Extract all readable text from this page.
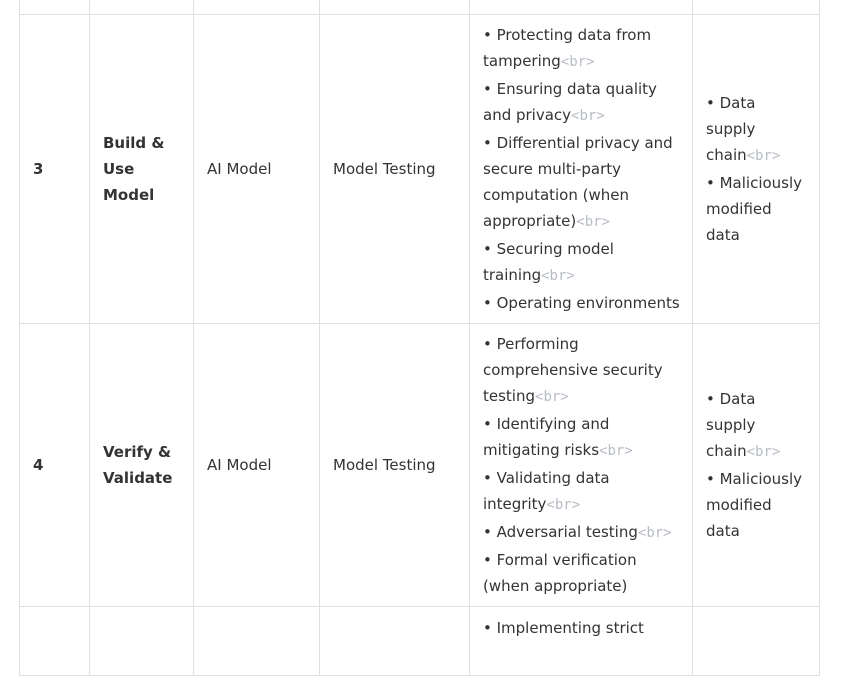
3	Build & Use Model	AI Model	Model Testing	• Protecting data from tampering<br>
• Ensuring data quality and privacy<br>
• Differential privacy and secure multi-party computation (when appropriate)<br>
• Securing model training<br>
• Operating environments	• Data supply chain<br>
• Maliciously modified data

4	Verify & Validate	AI Model	Model Testing	• Performing comprehensive security testing<br>
• Identifying and mitigating risks<br>
• Validating data integrity<br>
• Adversarial testing<br>
• Formal verification (when appropriate)	• Data supply chain<br>
• Maliciously modified data

				• Implementing strict	
